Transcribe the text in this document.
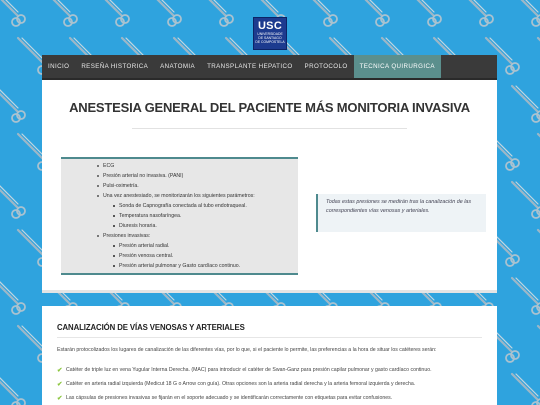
USC
UNIVERSIDADE
DE SANTIAGO
DE COMPOSTELA
INICIO	RESEÑA HISTORICA	ANATOMIA	TRANSPLANTE HEPATICO	PROTOCOLO	TECNICA QUIRURGICA
ANESTESIA GENERAL DEL PACIENTE MÁS MONITORIA INVASIVA
ECG
Presión arterial no invasiva. (PANI)
Pulsi-oximetría.
Una vez anestesiado, se monitorizarán los siguientes parámetros:
Sonda de Capnografía conectada al tubo endotraqueal.
Temperatura nasofaríngea.
Diuresis horaria.
Presiones invasivas:
Presión arterial radial.
Presión venosa central.
Presión arterial pulmonar y Gasto cardíaco continuo.
Todas estas presiones se medirán tras la canalización de las correspondientes vías venosas y arteriales.
CANALIZACIÓN DE VÍAS VENOSAS Y ARTERIALES
Estarán protocolizados los lugares de canalización de las diferentes vías, por lo que, si el paciente lo permite, las preferencias a la hora de situar los catéteres serán:
✔ Catéter de triple luz en vena Yugular Interna Derecha. (MAC) para introducir el catéter de Swan-Ganz para presión capilar pulmonar y gasto cardíaco continuo.
✔ Catéter en arteria radial izquierda (Medicut 18 G o Arrow con guía). Otras opciones son la arteria radial derecha y la arteria femoral izquierda y derecha.
✔ Las cápsulas de presiones invasivas se fijarán en el soporte adecuado y se identificarán correctamente con etiquetas para evitar confusiones.
